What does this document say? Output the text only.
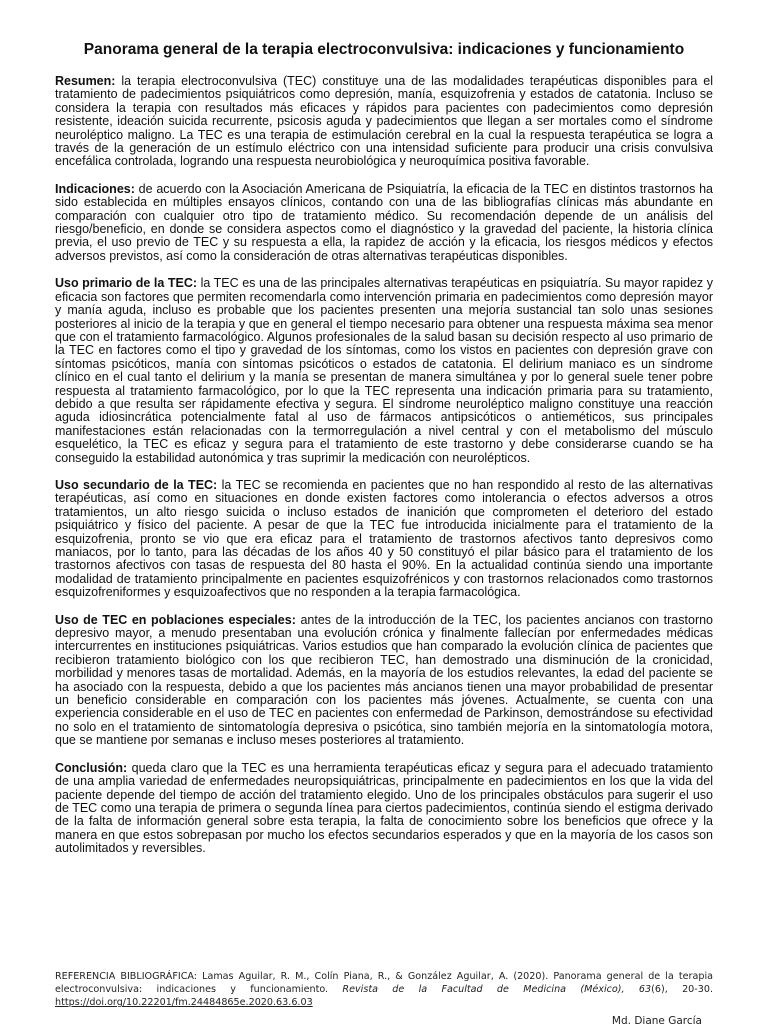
Panorama general de la terapia electroconvulsiva: indicaciones y funcionamiento

Resumen: la terapia electroconvulsiva (TEC) constituye una de las modalidades terapéuticas disponibles para el tratamiento de padecimientos psiquiátricos como depresión, manía, esquizofrenia y estados de catatonia. Incluso se considera la terapia con resultados más eficaces y rápidos para pacientes con padecimientos como depresión resistente, ideación suicida recurrente, psicosis aguda y padecimientos que llegan a ser mortales como el síndrome neuroléptico maligno. La TEC es una terapia de estimulación cerebral en la cual la respuesta terapéutica se logra a través de la generación de un estímulo eléctrico con una intensidad suficiente para producir una crisis convulsiva encefálica controlada, logrando una respuesta neurobiológica y neuroquímica positiva favorable.

Indicaciones: de acuerdo con la Asociación Americana de Psiquiatría, la eficacia de la TEC en distintos trastornos ha sido establecida en múltiples ensayos clínicos, contando con una de las bibliografías clínicas más abundante en comparación con cualquier otro tipo de tratamiento médico. Su recomendación depende de un análisis del riesgo/beneficio, en donde se considera aspectos como el diagnóstico y la gravedad del paciente, la historia clínica previa, el uso previo de TEC y su respuesta a ella, la rapidez de acción y la eficacia, los riesgos médicos y efectos adversos previstos, así como la consideración de otras alternativas terapéuticas disponibles.

Uso primario de la TEC: la TEC es una de las principales alternativas terapéuticas en psiquiatría. Su mayor rapidez y eficacia son factores que permiten recomendarla como intervención primaria en padecimientos como depresión mayor y manía aguda, incluso es probable que los pacientes presenten una mejoría sustancial tan solo unas sesiones posteriores al inicio de la terapia y que en general el tiempo necesario para obtener una respuesta máxima sea menor que con el tratamiento farmacológico. Algunos profesionales de la salud basan su decisión respecto al uso primario de la TEC en factores como el tipo y gravedad de los síntomas, como los vistos en pacientes con depresión grave con síntomas psicóticos, manía con síntomas psicóticos o estados de catatonia. El delirium maniaco es un síndrome clínico en el cual tanto el delirium y la manía se presentan de manera simultánea y por lo general suele tener pobre respuesta al tratamiento farmacológico, por lo que la TEC representa una indicación primaria para su tratamiento, debido a que resulta ser rápidamente efectiva y segura. El síndrome neuroléptico maligno constituye una reacción aguda idiosincrática potencialmente fatal al uso de fármacos antipsicóticos o antieméticos, sus principales manifestaciones están relacionadas con la termorregulación a nivel central y con el metabolismo del músculo esquelético, la TEC es eficaz y segura para el tratamiento de este trastorno y debe considerarse cuando se ha conseguido la estabilidad autonómica y tras suprimir la medicación con neurolépticos.

Uso secundario de la TEC: la TEC se recomienda en pacientes que no han respondido al resto de las alternativas terapéuticas, así como en situaciones en donde existen factores como intolerancia o efectos adversos a otros tratamientos, un alto riesgo suicida o incluso estados de inanición que comprometen el deterioro del estado psiquiátrico y físico del paciente. A pesar de que la TEC fue introducida inicialmente para el tratamiento de la esquizofrenia, pronto se vio que era eficaz para el tratamiento de trastornos afectivos tanto depresivos como maniacos, por lo tanto, para las décadas de los años 40 y 50 constituyó el pilar básico para el tratamiento de los trastornos afectivos con tasas de respuesta del 80 hasta el 90%. En la actualidad continúa siendo una importante modalidad de tratamiento principalmente en pacientes esquizofrénicos y con trastornos relacionados como trastornos esquizofreniformes y esquizoafectivos que no responden a la terapia farmacológica.

Uso de TEC en poblaciones especiales: antes de la introducción de la TEC, los pacientes ancianos con trastorno depresivo mayor, a menudo presentaban una evolución crónica y finalmente fallecían por enfermedades médicas intercurrentes en instituciones psiquiátricas. Varios estudios que han comparado la evolución clínica de pacientes que recibieron tratamiento biológico con los que recibieron TEC, han demostrado una disminución de la cronicidad, morbilidad y menores tasas de mortalidad. Además, en la mayoría de los estudios relevantes, la edad del paciente se ha asociado con la respuesta, debido a que los pacientes más ancianos tienen una mayor probabilidad de presentar un beneficio considerable en comparación con los pacientes más jóvenes. Actualmente, se cuenta con una experiencia considerable en el uso de TEC en pacientes con enfermedad de Parkinson, demostrándose su efectividad no solo en el tratamiento de sintomatología depresiva o psicótica, sino también mejoría en la sintomatología motora, que se mantiene por semanas e incluso meses posteriores al tratamiento.

Conclusión: queda claro que la TEC es una herramienta terapéuticas eficaz y segura para el adecuado tratamiento de una amplia variedad de enfermedades neuropsiquiátricas, principalmente en padecimientos en los que la vida del paciente depende del tiempo de acción del tratamiento elegido. Uno de los principales obstáculos para sugerir el uso de TEC como una terapia de primera o segunda línea para ciertos padecimientos, continúa siendo el estigma derivado de la falta de información general sobre esta terapia, la falta de conocimiento sobre los beneficios que ofrece y la manera en que estos sobrepasan por mucho los efectos secundarios esperados y que en la mayoría de los casos son autolimitados y reversibles.

REFERENCIA BIBLIOGRÁFICA: Lamas Aguilar, R. M., Colín Piana, R., & González Aguilar, A. (2020). Panorama general de la terapia electroconvulsiva: indicaciones y funcionamiento. Revista de la Facultad de Medicina (México), 63(6), 20-30. https://doi.org/10.22201/fm.24484865e.2020.63.6.03
Md. Diane García
